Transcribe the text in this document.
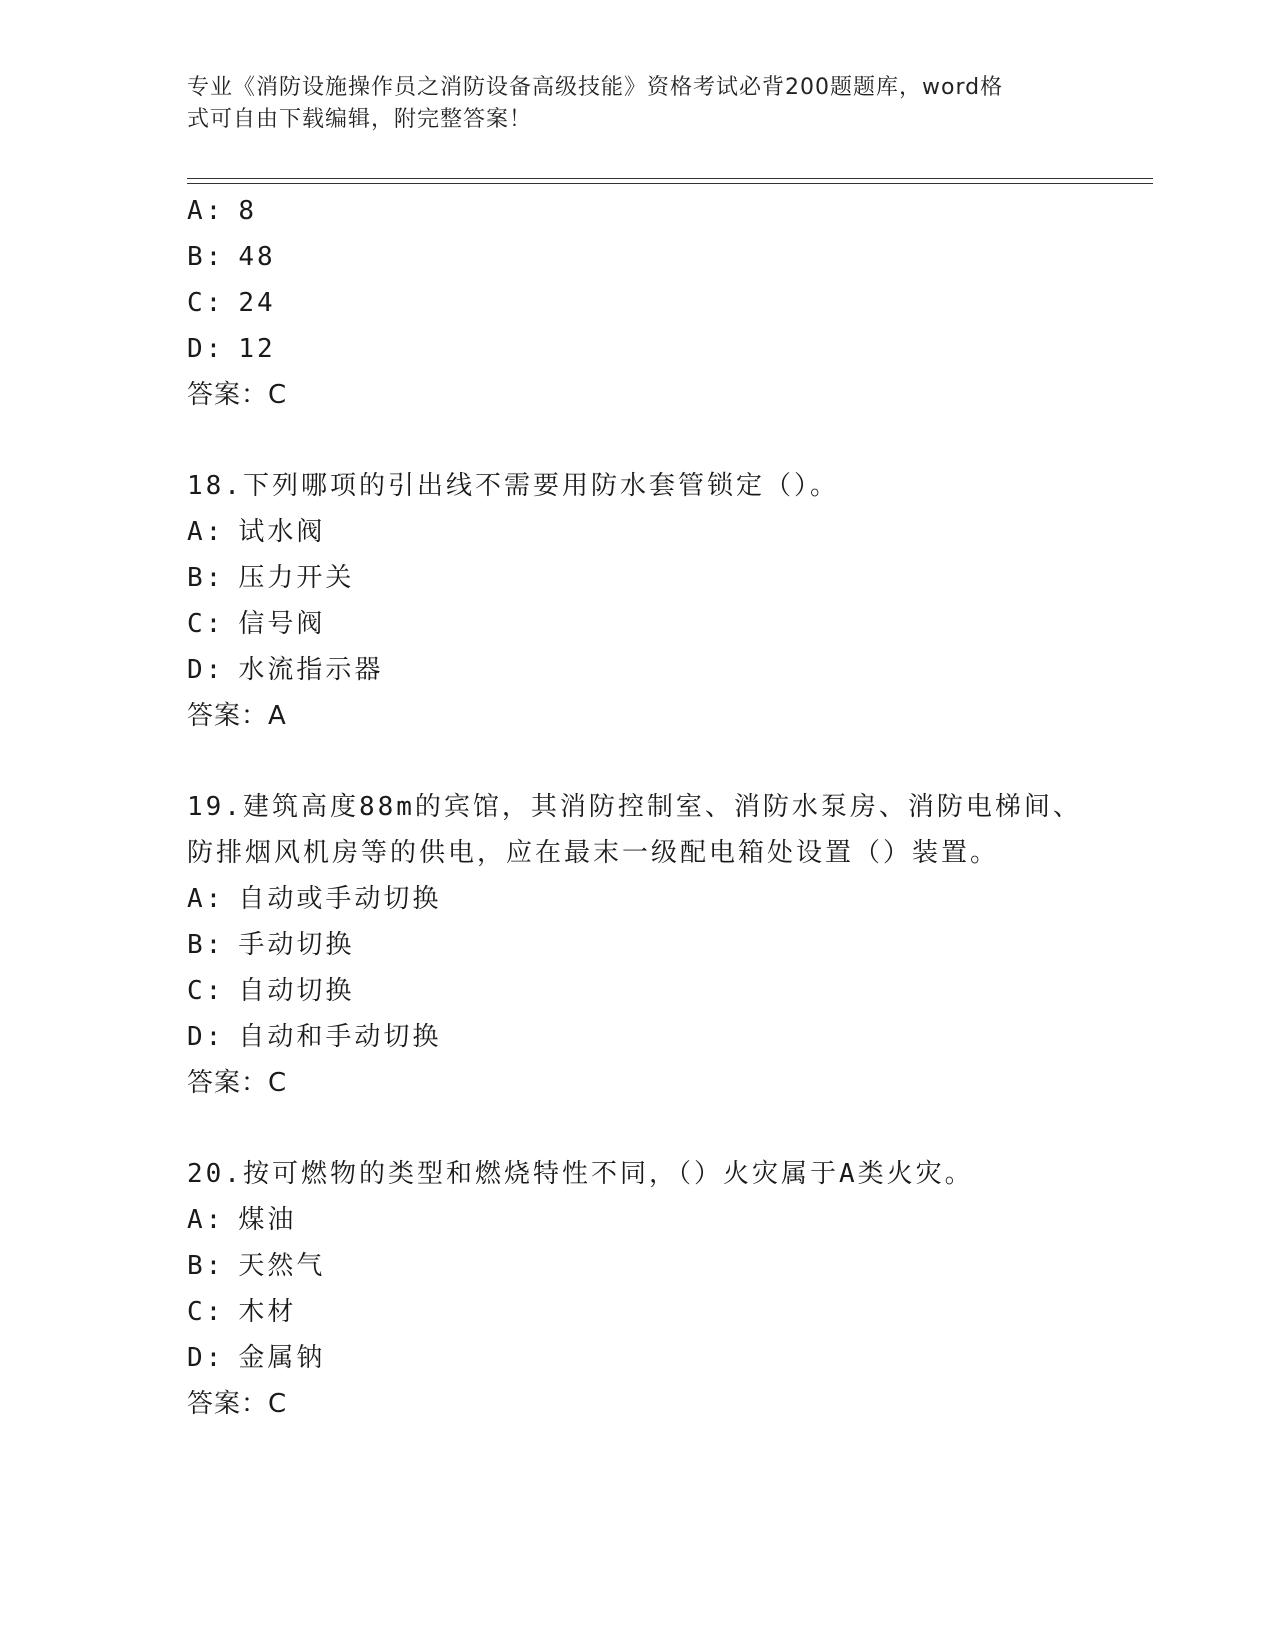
专业《消防设施操作员之消防设备高级技能》资格考试必背200题题库，word格
式可自由下载编辑，附完整答案！
A: 8
B: 48
C: 24
D: 12
答案：C
18.下列哪项的引出线不需要用防水套管锁定（）。
A: 试水阀
B: 压力开关
C: 信号阀
D: 水流指示器
答案：A
19.建筑高度88m的宾馆，其消防控制室、消防水泵房、消防电梯间、
防排烟风机房等的供电，应在最末一级配电箱处设置（）装置。
A: 自动或手动切换
B: 手动切换
C: 自动切换
D: 自动和手动切换
答案：C
20.按可燃物的类型和燃烧特性不同，（）火灾属于A类火灾。
A: 煤油
B: 天然气
C: 木材
D: 金属钠
答案：C
